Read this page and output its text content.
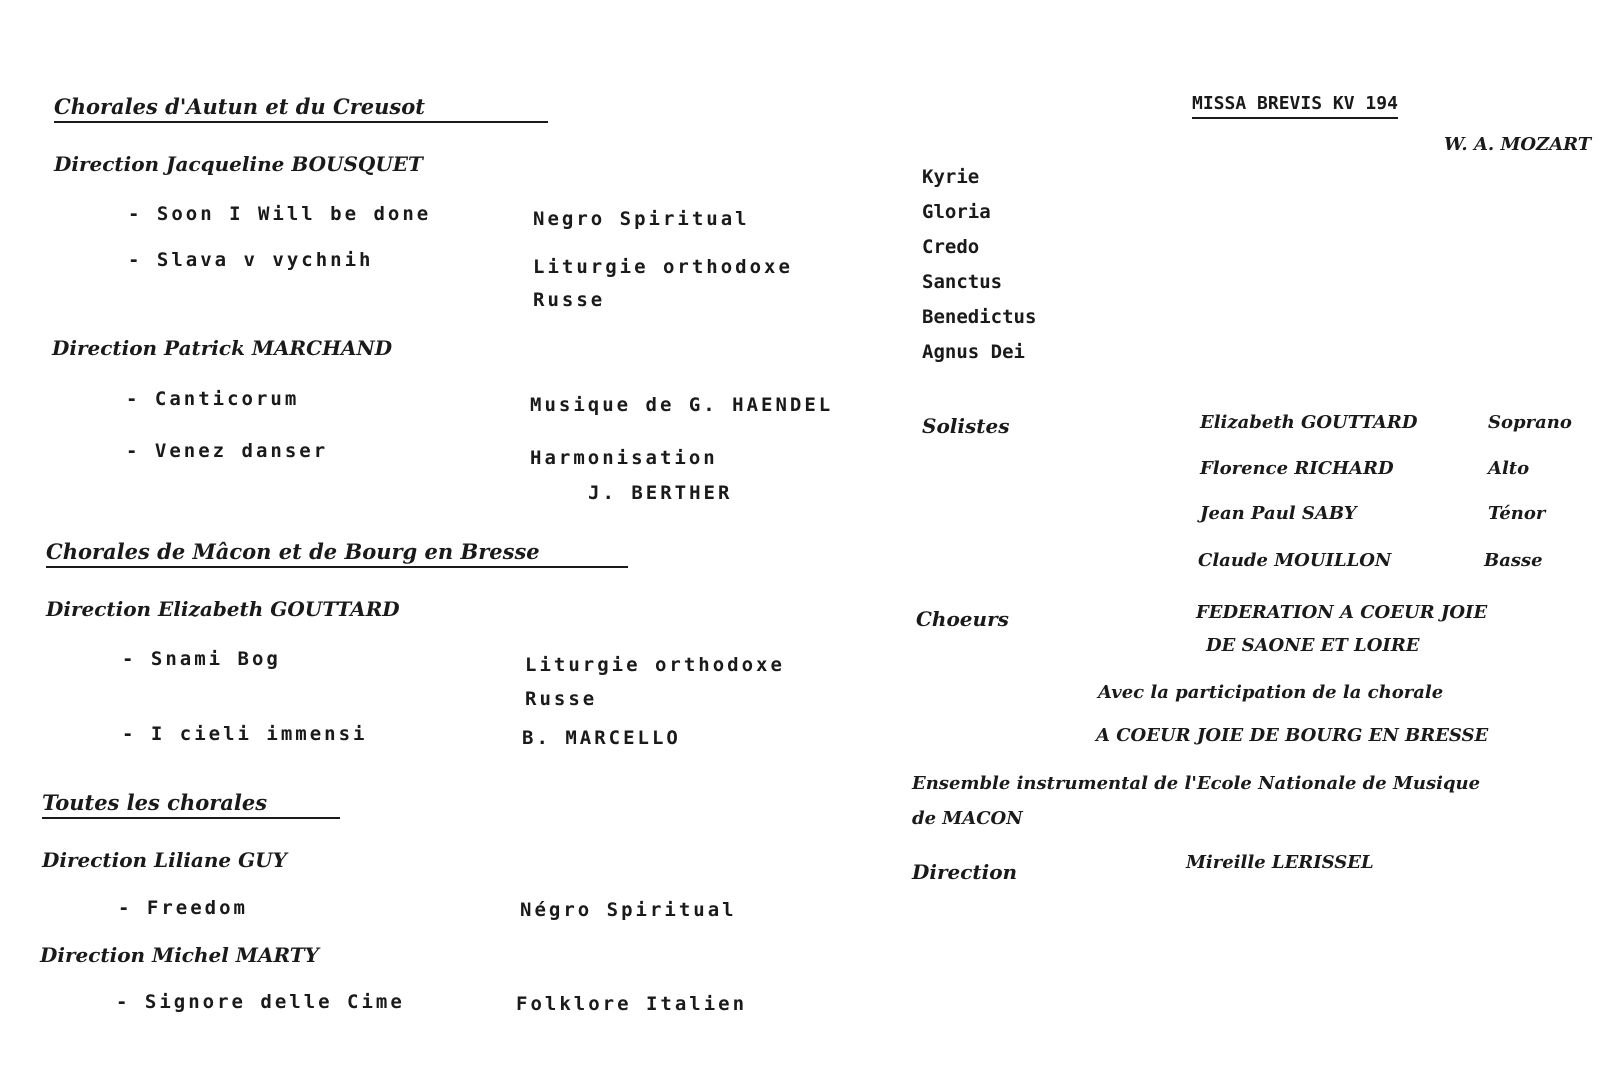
Chorales d'Autun et du Creusot
Direction Jacqueline BOUSQUET
- Soon I Will be done	Negro Spiritual
- Slava v vychnih	Liturgie orthodoxe
Russe
Direction Patrick MARCHAND
- Canticorum	Musique de G. HAENDEL
- Venez danser	Harmonisation
J. BERTHER
Chorales de Mâcon et de Bourg en Bresse
Direction Elizabeth GOUTTARD
- Snami Bog	Liturgie orthodoxe
Russe
- I cieli immensi	B. MARCELLO
Toutes les chorales
Direction Liliane GUY
- Freedom	Négro Spiritual
Direction Michel MARTY
- Signore delle Cime	Folklore Italien
MISSA BREVIS KV 194
W. A. MOZART
Kyrie
Gloria
Credo
Sanctus
Benedictus
Agnus Dei
Solistes	Elizabeth GOUTTARD	Soprano
Florence RICHARD	Alto
Jean Paul SABY	Ténor
Claude MOUILLON	Basse
Choeurs	FEDERATION A COEUR JOIE
DE SAONE ET LOIRE
Avec la participation de la chorale
A COEUR JOIE DE BOURG EN BRESSE
Ensemble instrumental de l'Ecole Nationale de Musique
de MACON
Direction	Mireille LERISSEL
